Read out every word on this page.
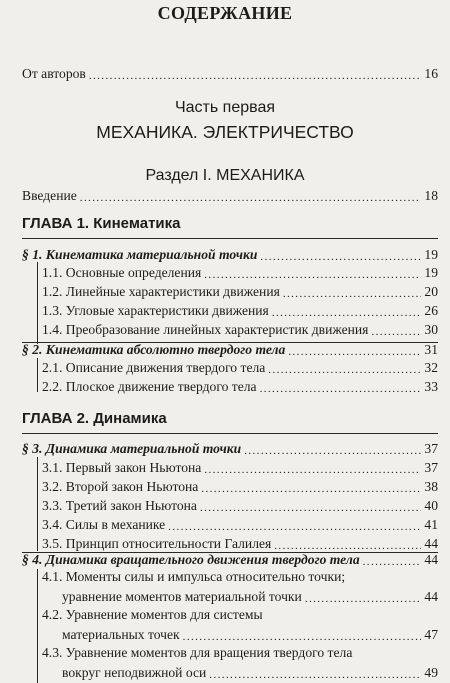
СОДЕРЖАНИЕ
От авторов .....	16
Часть первая
МЕХАНИКА. ЭЛЕКТРИЧЕСТВО
Раздел I. МЕХАНИКА
Введение .....	18
ГЛАВА 1. Кинематика
§ 1. Кинематика материальной точки .....	19
1.1. Основные определения .....	19
1.2. Линейные характеристики движения .....	20
1.3. Угловые характеристики движения .....	26
1.4. Преобразование линейных характеристик движения .....	30
§ 2. Кинематика абсолютно твердого тела .....	31
2.1. Описание движения твердого тела .....	32
2.2. Плоское движение твердого тела .....	33
ГЛАВА 2. Динамика
§ 3. Динамика материальной точки .....	37
3.1. Первый закон Ньютона .....	37
3.2. Второй закон Ньютона .....	38
3.3. Третий закон Ньютона .....	40
3.4. Силы в механике .....	41
3.5. Принцип относительности Галилея .....	44
§ 4. Динамика вращательного движения твердого тела .....	44
4.1. Моменты силы и импульса относительно точки;
уравнение моментов материальной точки .....	44
4.2. Уравнение моментов для системы
материальных точек .....	47
4.3. Уравнение моментов для вращения твердого тела
вокруг неподвижной оси .....	49
